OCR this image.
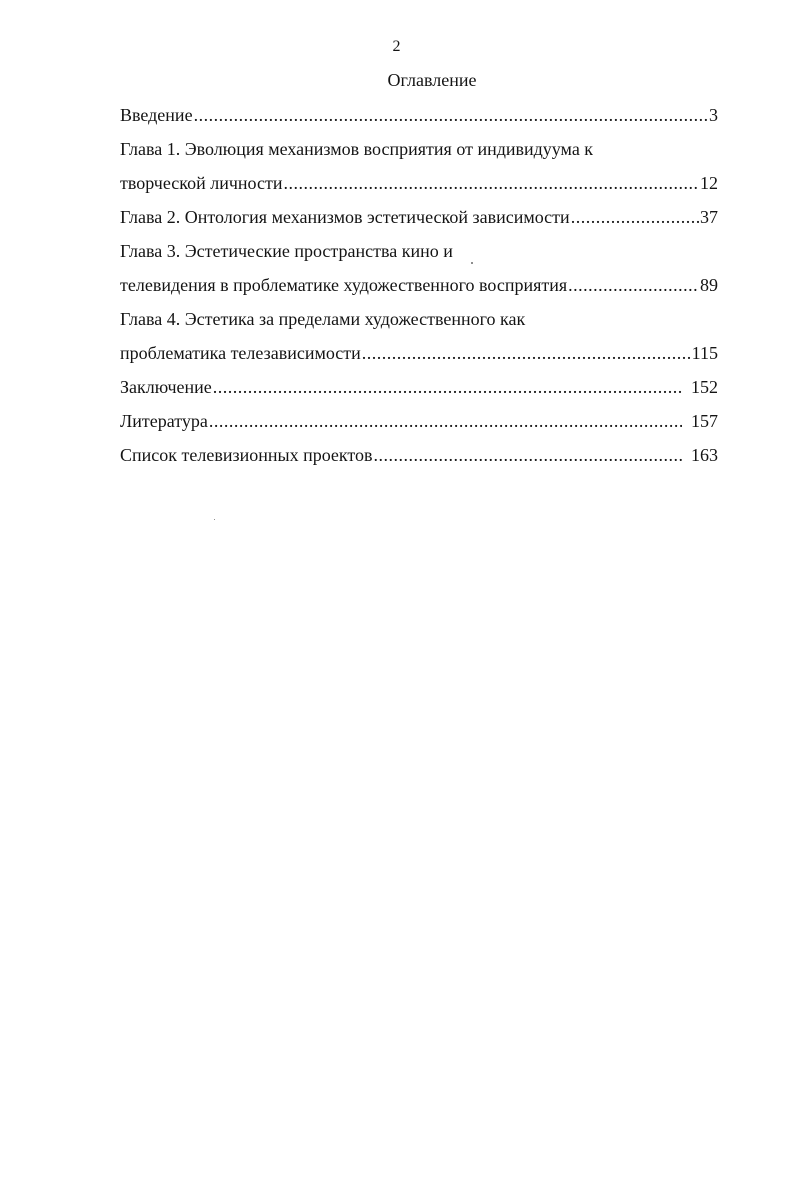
2
Оглавление
Введение .....	3
Глава 1. Эволюция механизмов восприятия от индивидуума к
творческой личности .....	12
Глава 2. Онтология механизмов эстетической зависимости .....	37
Глава 3. Эстетические пространства кино и
телевидения в проблематике художественного восприятия .....	89
Глава 4. Эстетика за пределами художественного как
проблематика телезависимости .....	115
Заключение .....	152
Литература .....	157
Список телевизионных проектов .....	163
